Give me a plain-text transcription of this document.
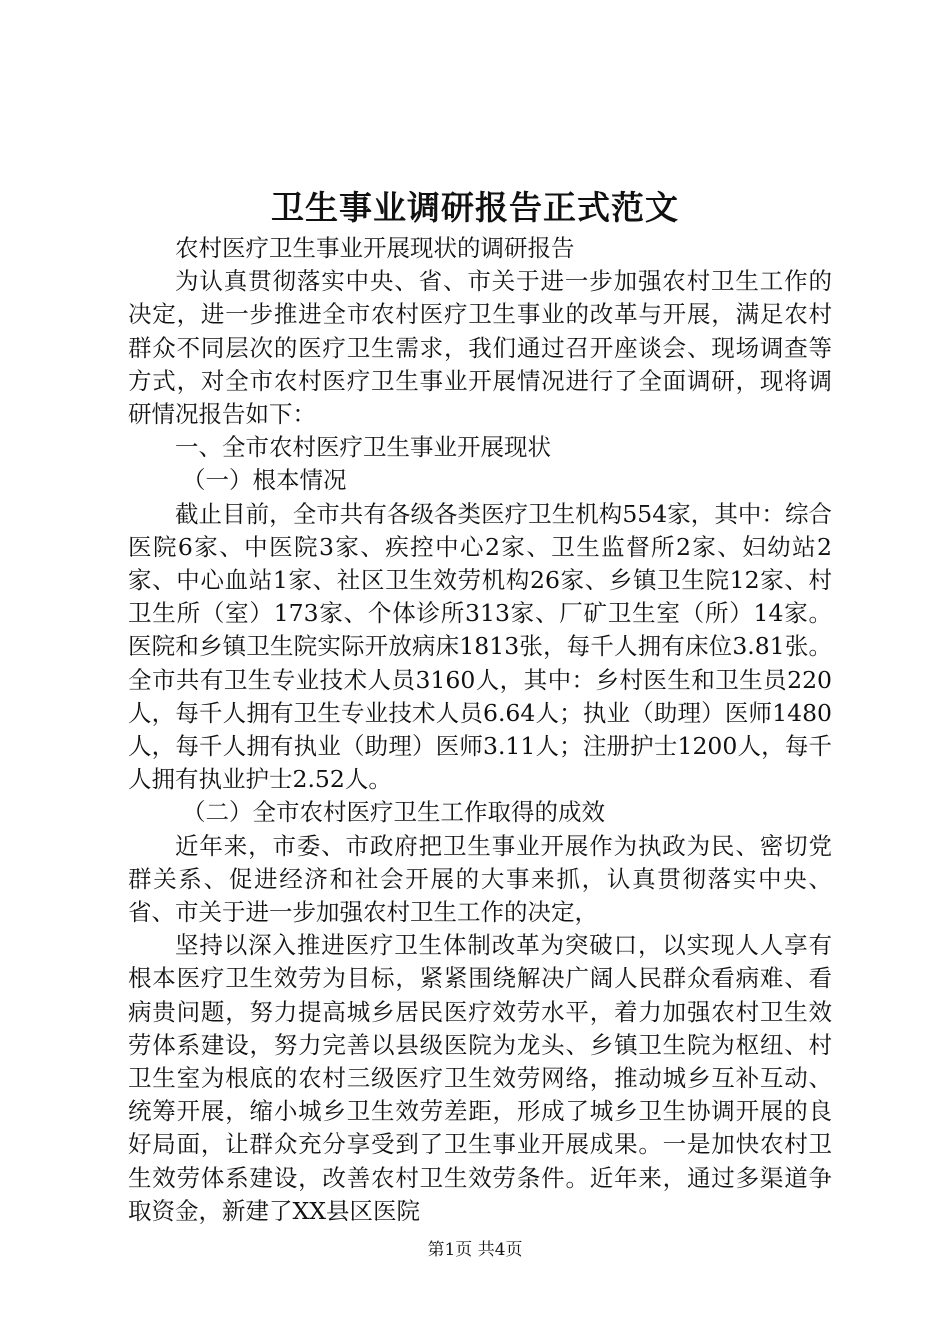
卫生事业调研报告正式范文

农村医疗卫生事业开展现状的调研报告

为认真贯彻落实中央、省、市关于进一步加强农村卫生工作的决定，进一步推进全市农村医疗卫生事业的改革与开展，满足农村群众不同层次的医疗卫生需求，我们通过召开座谈会、现场调查等方式，对全市农村医疗卫生事业开展情况进行了全面调研，现将调研情况报告如下：

一、全市农村医疗卫生事业开展现状

（一）根本情况

截止目前，全市共有各级各类医疗卫生机构554家，其中：综合医院6家、中医院3家、疾控中心2家、卫生监督所2家、妇幼站2家、中心血站1家、社区卫生效劳机构26家、乡镇卫生院12家、村卫生所（室）173家、个体诊所313家、厂矿卫生室（所）14家。医院和乡镇卫生院实际开放病床1813张，每千人拥有床位3.81张。全市共有卫生专业技术人员3160人，其中：乡村医生和卫生员220人，每千人拥有卫生专业技术人员6.64人；执业（助理）医师1480人，每千人拥有执业（助理）医师3.11人；注册护士1200人，每千人拥有执业护士2.52人。

（二）全市农村医疗卫生工作取得的成效

近年来，市委、市政府把卫生事业开展作为执政为民、密切党群关系、促进经济和社会开展的大事来抓，认真贯彻落实中央、省、市关于进一步加强农村卫生工作的决定，

坚持以深入推进医疗卫生体制改革为突破口，以实现人人享有根本医疗卫生效劳为目标，紧紧围绕解决广阔人民群众看病难、看病贵问题，努力提高城乡居民医疗效劳水平，着力加强农村卫生效劳体系建设，努力完善以县级医院为龙头、乡镇卫生院为枢纽、村卫生室为根底的农村三级医疗卫生效劳网络，推动城乡互补互动、统筹开展，缩小城乡卫生效劳差距，形成了城乡卫生协调开展的良好局面，让群众充分享受到了卫生事业开展成果。一是加快农村卫生效劳体系建设，改善农村卫生效劳条件。近年来，通过多渠道争取资金，新建了XX县区医院

第1页 共4页
